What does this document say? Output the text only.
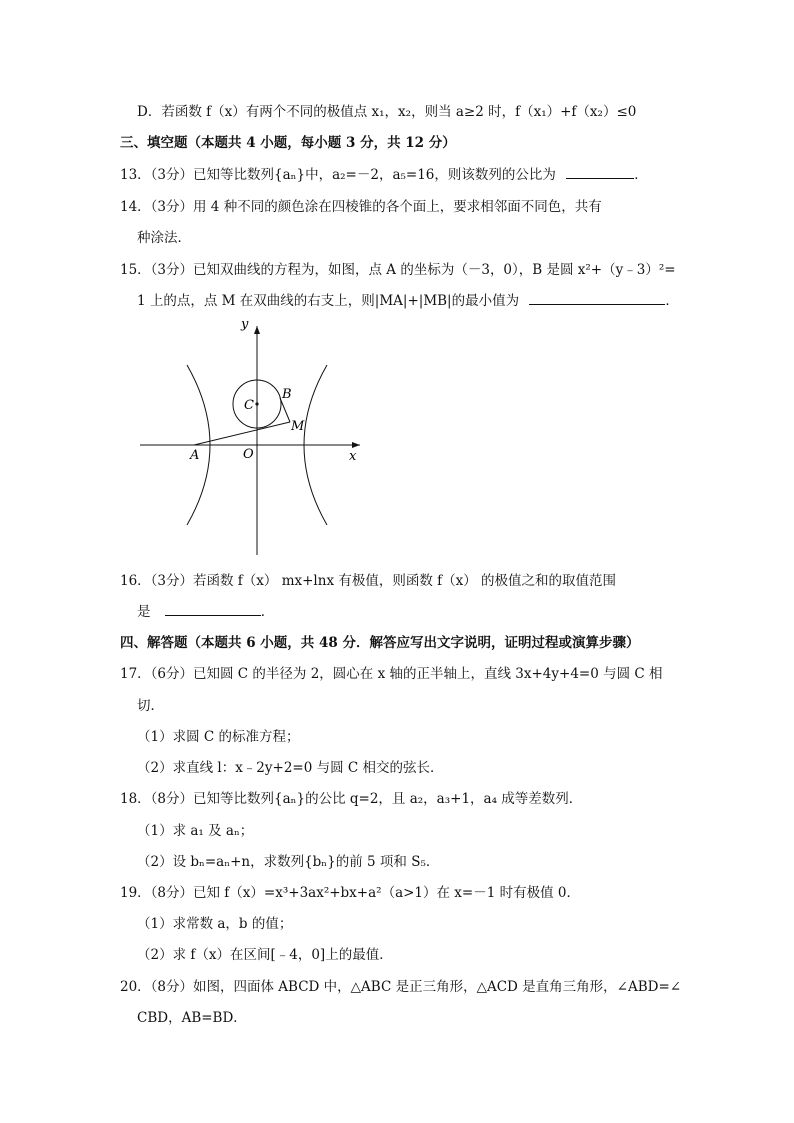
D．若函数 f（x）有两个不同的极值点 x₁，x₂，则当 a≥2 时，f（x₁）+f（x₂）≤0
三、填空题（本题共 4 小题，每小题 3 分，共 12 分）
13．（3分）已知等比数列{aₙ}中，a₂=－2，a₅=16，则该数列的公比为	．
14．（3分）用 4 种不同的颜色涂在四棱锥的各个面上，要求相邻面不同色，共有
种涂法．
15．（3分）已知双曲线的方程为，如图，点 A 的坐标为（－3，0），B 是圆 x²+（y﹣3）²=
1 上的点，点 M 在双曲线的右支上，则|MA|+|MB|的最小值为	．
y
x
O
A
B
C
M
16．（3分）若函数 f（x） mx+lnx 有极值，则函数 f（x） 的极值之和的取值范围
是	．
四、解答题（本题共 6 小题，共 48 分．解答应写出文字说明，证明过程或演算步骤）
17．（6分）已知圆 C 的半径为 2，圆心在 x 轴的正半轴上，直线 3x+4y+4=0 与圆 C 相
切．
（1）求圆 C 的标准方程；
（2）求直线 l：x﹣2y+2=0 与圆 C 相交的弦长．
18．（8分）已知等比数列{aₙ}的公比 q=2，且 a₂，a₃+1，a₄ 成等差数列．
（1）求 a₁ 及 aₙ；
（2）设 bₙ=aₙ+n，求数列{bₙ}的前 5 项和 S₅．
19．（8分）已知 f（x）=x³+3ax²+bx+a²（a>1）在 x=－1 时有极值 0．
（1）求常数 a，b 的值；
（2）求 f（x）在区间[﹣4，0]上的最值．
20．（8分）如图，四面体 ABCD 中，△ABC 是正三角形，△ACD 是直角三角形，∠ABD=∠
CBD，AB=BD．
